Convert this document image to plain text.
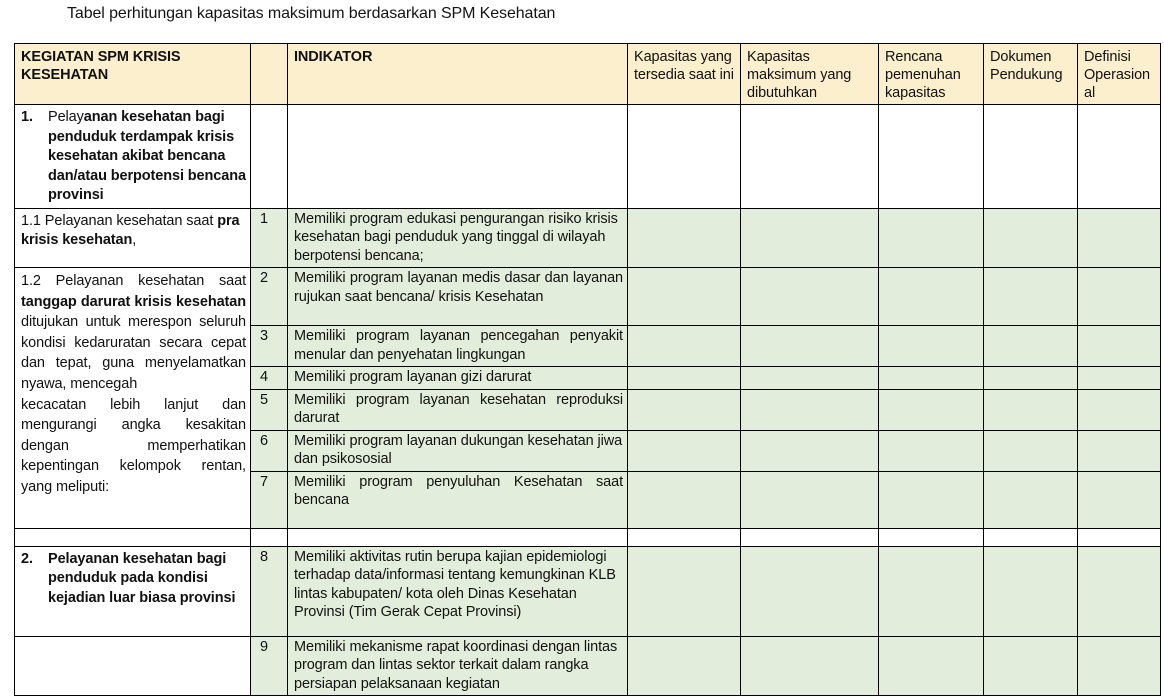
Tabel perhitungan kapasitas maksimum berdasarkan SPM Kesehatan
KEGIATAN SPM KRISIS KESEHATAN		INDIKATOR	Kapasitas yang tersedia saat ini	Kapasitas maksimum yang dibutuhkan	Rencana pemenuhan kapasitas	Dokumen Pendukung	Definisi Operasional

1. Pelayanan kesehatan bagi penduduk terdampak krisis kesehatan akibat bencana dan/atau berpotensi bencana provinsi							

1.1 Pelayanan kesehatan saat pra krisis kesehatan,	1	Memiliki program edukasi pengurangan risiko krisis kesehatan bagi penduduk yang tinggal di wilayah berpotensi bencana;					
1.2 Pelayanan kesehatan saat tanggap darurat krisis kesehatan ditujukan untuk merespon seluruh kondisi kedaruratan secara cepat dan tepat, guna menyelamatkan nyawa, mencegah
kecacatan lebih lanjut dan mengurangi angka kesakitan dengan memperhatikan kepentingan kelompok rentan, yang meliputi:	2	Memiliki program layanan medis dasar dan layanan rujukan saat bencana/ krisis Kesehatan					
	3	Memiliki program layanan pencegahan penyakit menular dan penyehatan lingkungan					
	4	Memiliki program layanan gizi darurat					
	5	Memiliki program layanan kesehatan reproduksi darurat					
	6	Memiliki program layanan dukungan kesehatan jiwa dan psikososial					
	7	Memiliki program penyuluhan Kesehatan saat bencana					

2. Pelayanan kesehatan bagi penduduk pada kondisi kejadian luar biasa provinsi	8	Memiliki aktivitas rutin berupa kajian epidemiologi terhadap data/informasi tentang kemungkinan KLB lintas kabupaten/ kota oleh Dinas Kesehatan Provinsi (Tim Gerak Cepat Provinsi)					
	9	Memiliki mekanisme rapat koordinasi dengan lintas program dan lintas sektor terkait dalam rangka persiapan pelaksanaan kegiatan					
